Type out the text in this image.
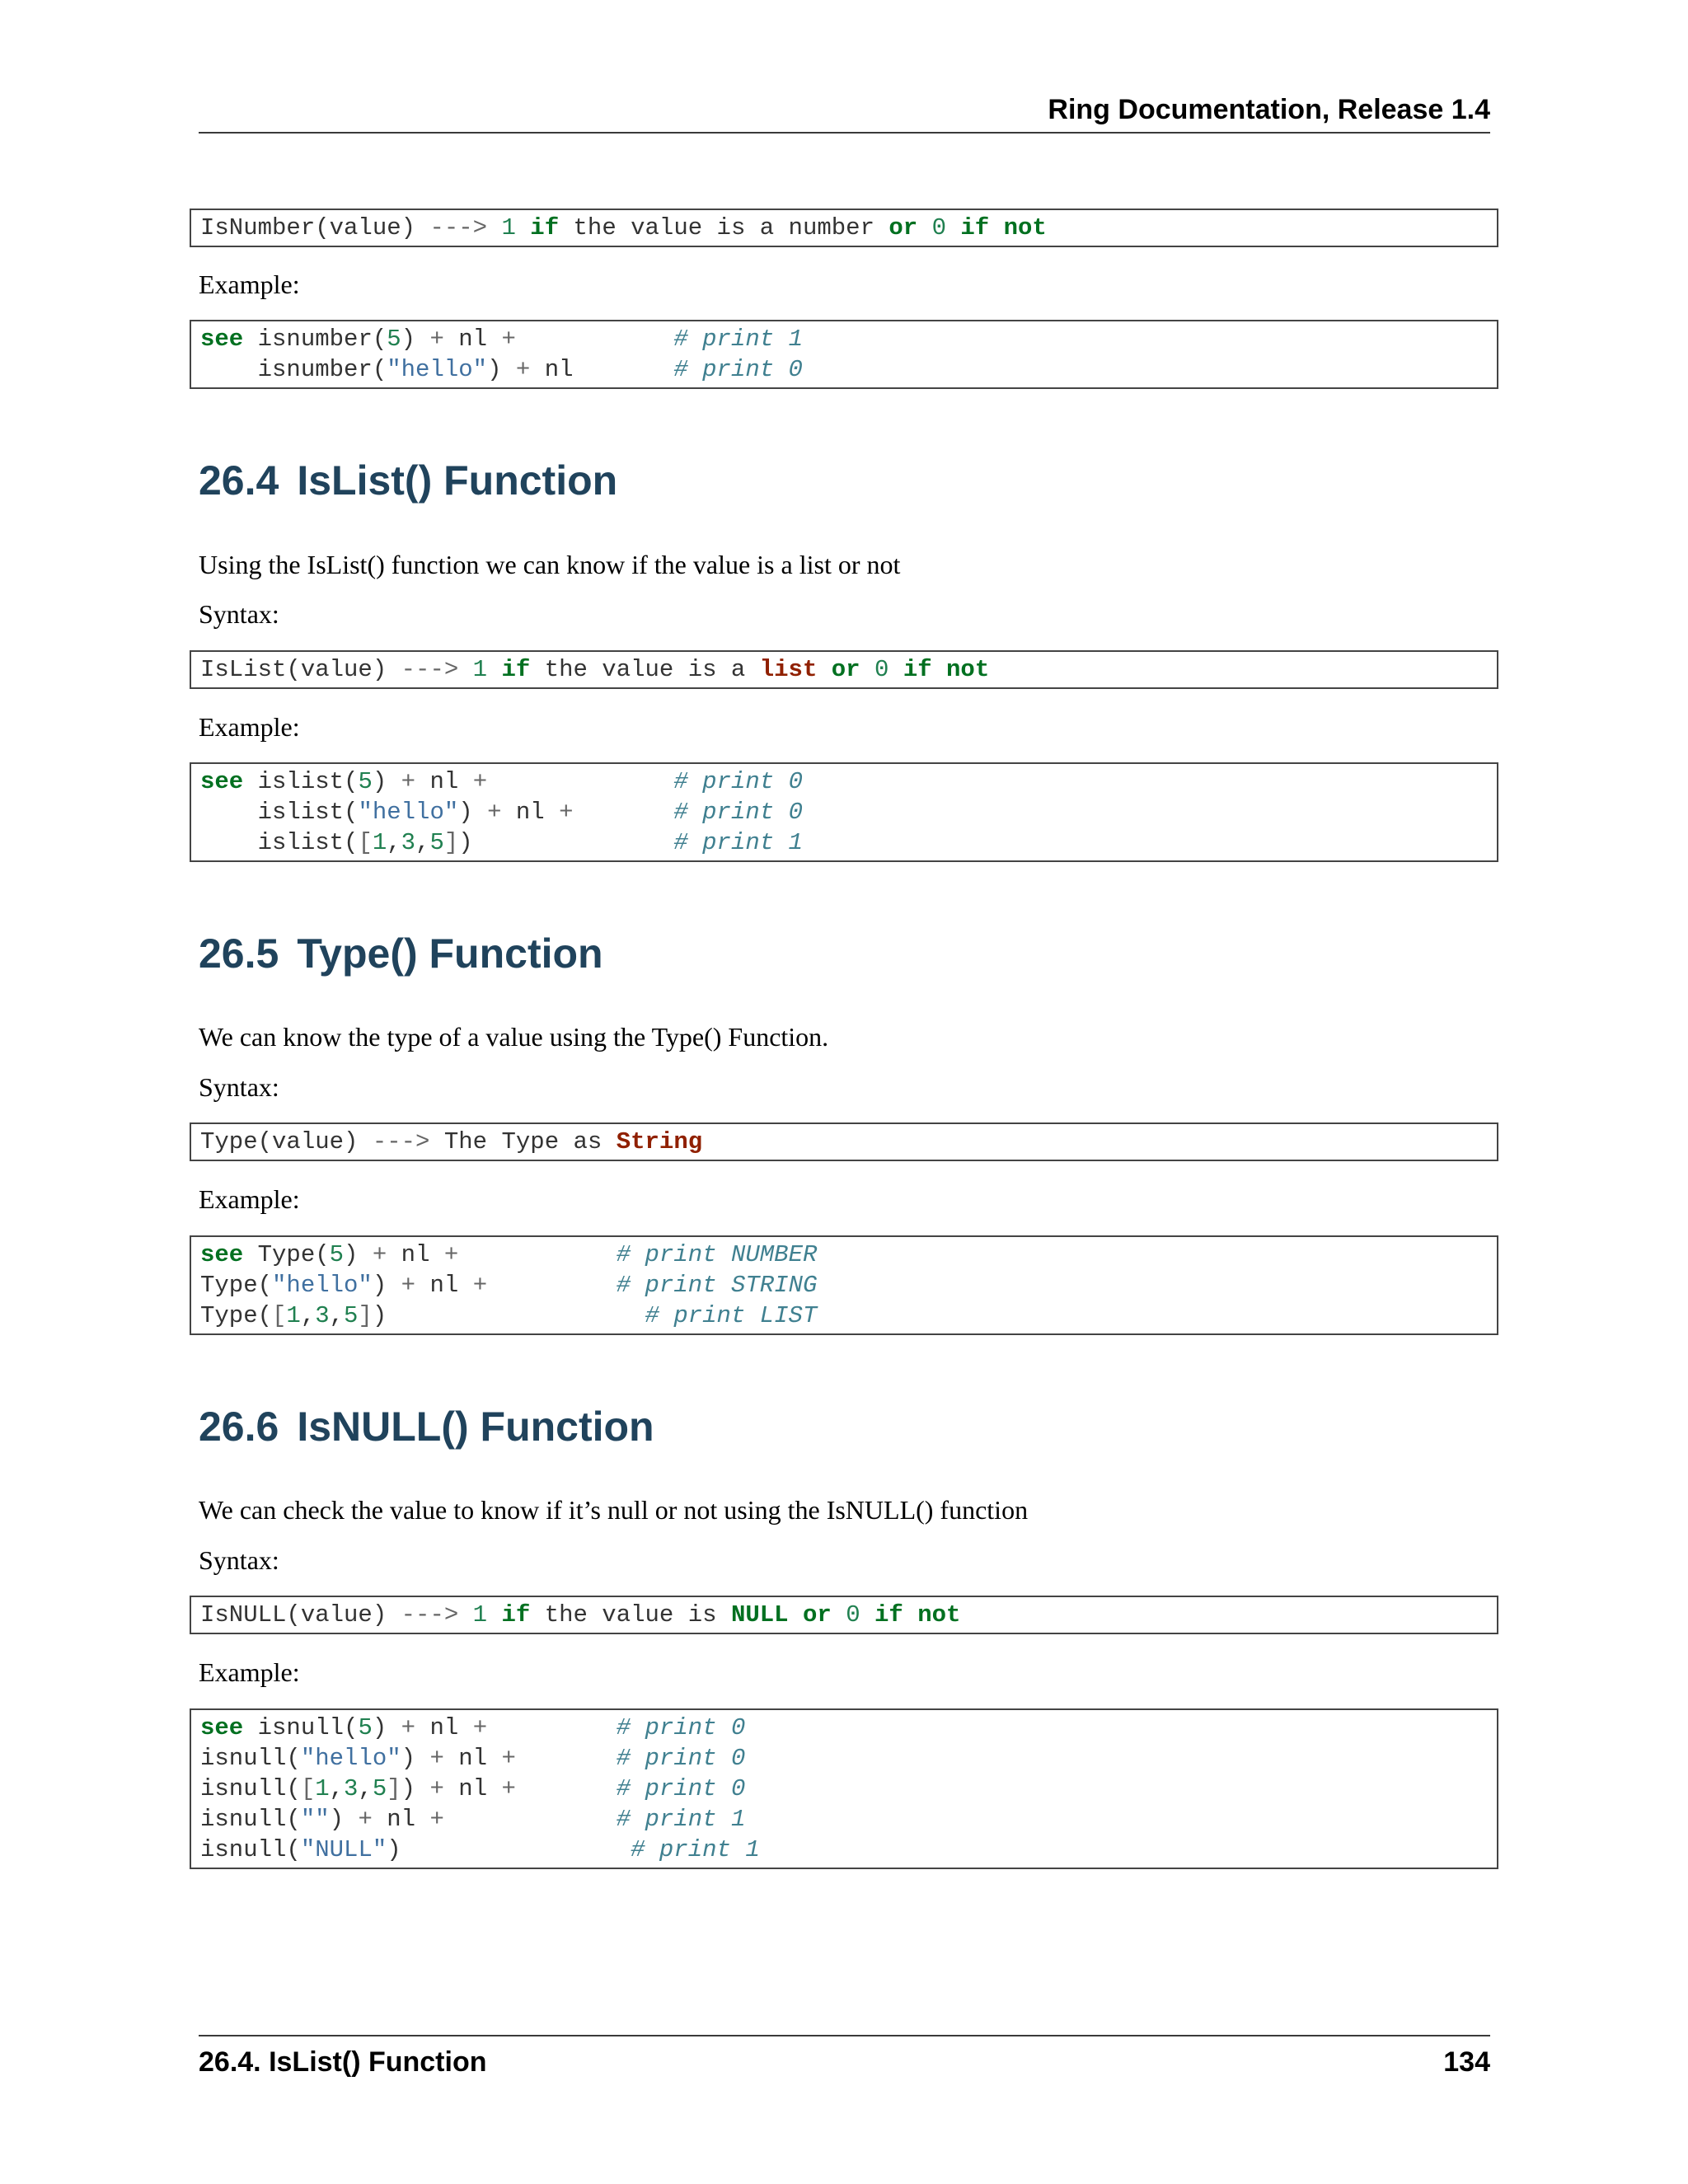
Ring Documentation, Release 1.4
IsNumber(value) ---> 1 if the value is a number or 0 if not
Example:
see isnumber(5) + nl +	# print 1
isnumber("hello") + nl       # print 0
26.4 IsList() Function
Using the IsList() function we can know if the value is a list or not
Syntax:
IsList(value) ---> 1 if the value is a list or 0 if not
Example:
see islist(5) + nl +	# print 0
islist("hello") + nl +	# print 0
islist([1,3,5])              # print 1
26.5 Type() Function
We can know the type of a value using the Type() Function.
Syntax:
Type(value) ---> The Type as String
Example:
see Type(5) + nl +	# print NUMBER
Type("hello") + nl +	# print STRING
Type([1,3,5])                  # print LIST
26.6 IsNULL() Function
We can check the value to know if it’s null or not using the IsNULL() function
Syntax:
IsNULL(value) ---> 1 if the value is NULL or 0 if not
Example:
see isnull(5) + nl +	# print 0
isnull("hello") + nl +	# print 0
isnull([1,3,5]) + nl +	# print 0
isnull("") + nl +	# print 1
isnull("NULL")                # print 1
26.4. IsList() Function	134
